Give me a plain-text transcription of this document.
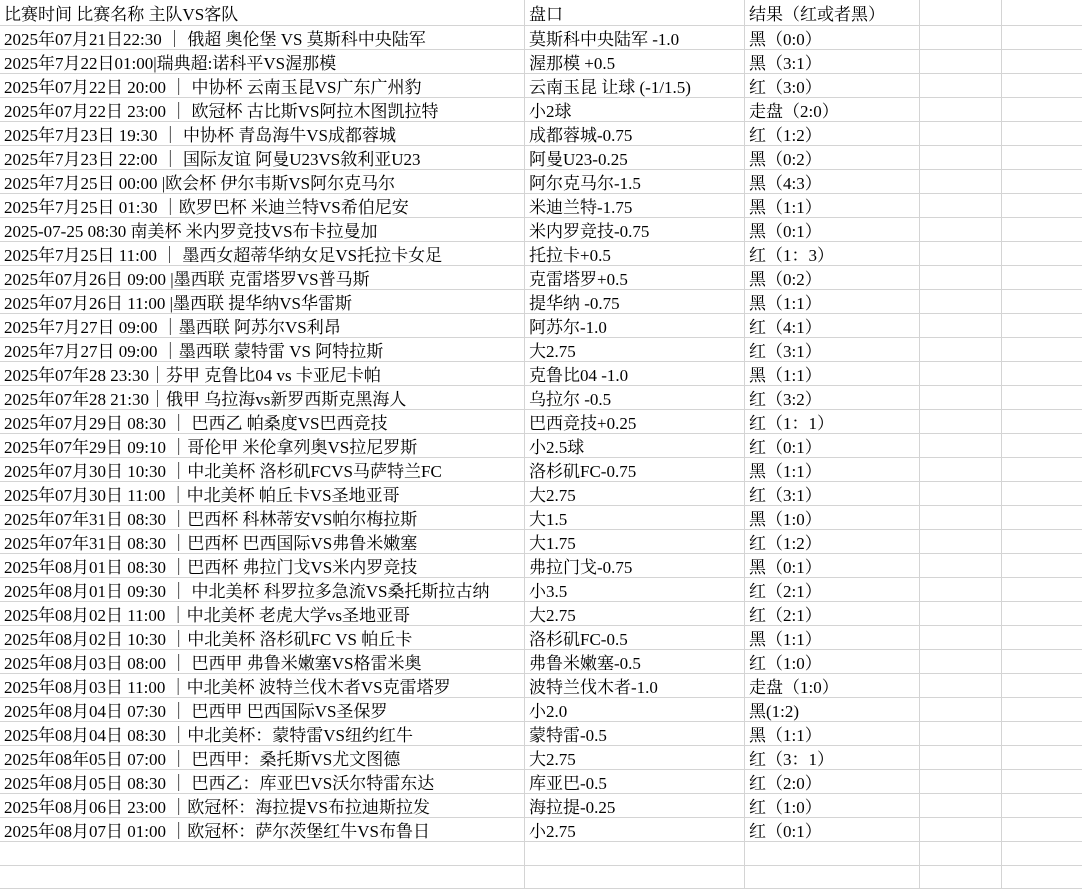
比赛时间 比赛名称 主队VS客队	盘口	结果（红或者黑）
2025年07月21日22:30 ｜ 俄超 奥伦堡 VS 莫斯科中央陆军	莫斯科中央陆军 -1.0	黑（0:0）
2025年7月22日01:00|瑞典超:诺科平VS渥那模	渥那模 +0.5	黑（3:1）
2025年07月22日 20:00 ｜ 中协杯 云南玉昆VS广东广州豹	云南玉昆 让球 (-1/1.5)	红（3:0）
2025年07月22日 23:00 ｜ 欧冠杯 古比斯VS阿拉木图凯拉特	小2球	走盘（2:0）
2025年7月23日 19:30 ｜ 中协杯 青岛海牛VS成都蓉城	成都蓉城-0.75	红（1:2）
2025年7月23日 22:00 ｜ 国际友谊 阿曼U23VS敘利亚U23	阿曼U23-0.25	黑（0:2）
2025年7月25日 00:00 |欧会杯 伊尔韦斯VS阿尔克马尔	阿尔克马尔-1.5	黑（4:3）
2025年7月25日 01:30 ｜欧罗巴杯 米迪兰特VS希伯尼安	米迪兰特-1.75	黑（1:1）
2025-07-25 08:30 南美杯 米内罗竞技VS布卡拉曼加	米内罗竞技-0.75	黑（0:1）
2025年7月25日 11:00 ｜ 墨西女超蒂华纳女足VS托拉卡女足	托拉卡+0.5	红（1：3）
2025年07月26日 09:00 |墨西联 克雷塔罗VS普马斯	克雷塔罗+0.5	黑（0:2）
2025年07月26日 11:00 |墨西联 提华纳VS华雷斯	提华纳 -0.75	黑（1:1）
2025年7月27日 09:00 ｜墨西联 阿苏尔VS利昂	阿苏尔-1.0	红（4:1）
2025年7月27日 09:00 ｜墨西联 蒙特雷 VS 阿特拉斯	大2.75	红（3:1）
2025年07年28 23:30｜芬甲 克鲁比04 vs 卡亚尼卡帕	克鲁比04 -1.0	黑（1:1）
2025年07年28 21:30｜俄甲 乌拉海vs新罗西斯克黑海人	乌拉尔 -0.5	红（3:2）
2025年07月29日 08:30 ｜ 巴西乙 帕桑度VS巴西竞技	巴西竞技+0.25	红（1：1）
2025年07年29日 09:10 ｜哥伦甲 米伦拿列奥VS拉尼罗斯	小2.5球	红（0:1）
2025年07月30日 10:30 ｜中北美杯 洛杉矶FCVS马萨特兰FC	洛杉矶FC-0.75	黑（1:1）
2025年07月30日 11:00 ｜中北美杯 帕丘卡VS圣地亚哥	大2.75	红（3:1）
2025年07年31日 08:30 ｜巴西杯 科林蒂安VS帕尔梅拉斯	大1.5	黑（1:0）
2025年07年31日 08:30 ｜巴西杯 巴西国际VS弗鲁米嫩塞	大1.75	红（1:2）
2025年08月01日 08:30 ｜巴西杯 弗拉门戈VS米内罗竞技	弗拉门戈-0.75	黑（0:1）
2025年08月01日 09:30 ｜ 中北美杯 科罗拉多急流VS桑托斯拉古纳	小3.5	红（2:1）
2025年08月02日 11:00 ｜中北美杯 老虎大学vs圣地亚哥	大2.75	红（2:1）
2025年08月02日 10:30 ｜中北美杯 洛杉矶FC VS 帕丘卡	洛杉矶FC-0.5	黑（1:1）
2025年08月03日 08:00 ｜ 巴西甲 弗鲁米嫩塞VS格雷米奥	弗鲁米嫩塞-0.5	红（1:0）
2025年08月03日 11:00 ｜中北美杯 波特兰伐木者VS克雷塔罗	波特兰伐木者-1.0	走盘（1:0）
2025年08月04日 07:30 ｜ 巴西甲 巴西国际VS圣保罗	小2.0	黑(1:2)
2025年08月04日 08:30 ｜中北美杯：蒙特雷VS纽约红牛	蒙特雷-0.5	黑（1:1）
2025年08年05日 07:00 ｜ 巴西甲：桑托斯VS尤文图德	大2.75	红（3：1）
2025年08月05日 08:30 ｜ 巴西乙：库亚巴VS沃尔特雷东达	库亚巴-0.5	红（2:0）
2025年08月06日 23:00 ｜欧冠杯：海拉提VS布拉迪斯拉发	海拉提-0.25	红（1:0）
2025年08月07日 01:00 ｜欧冠杯：萨尔茨堡红牛VS布鲁日	小2.75	红（0:1）
